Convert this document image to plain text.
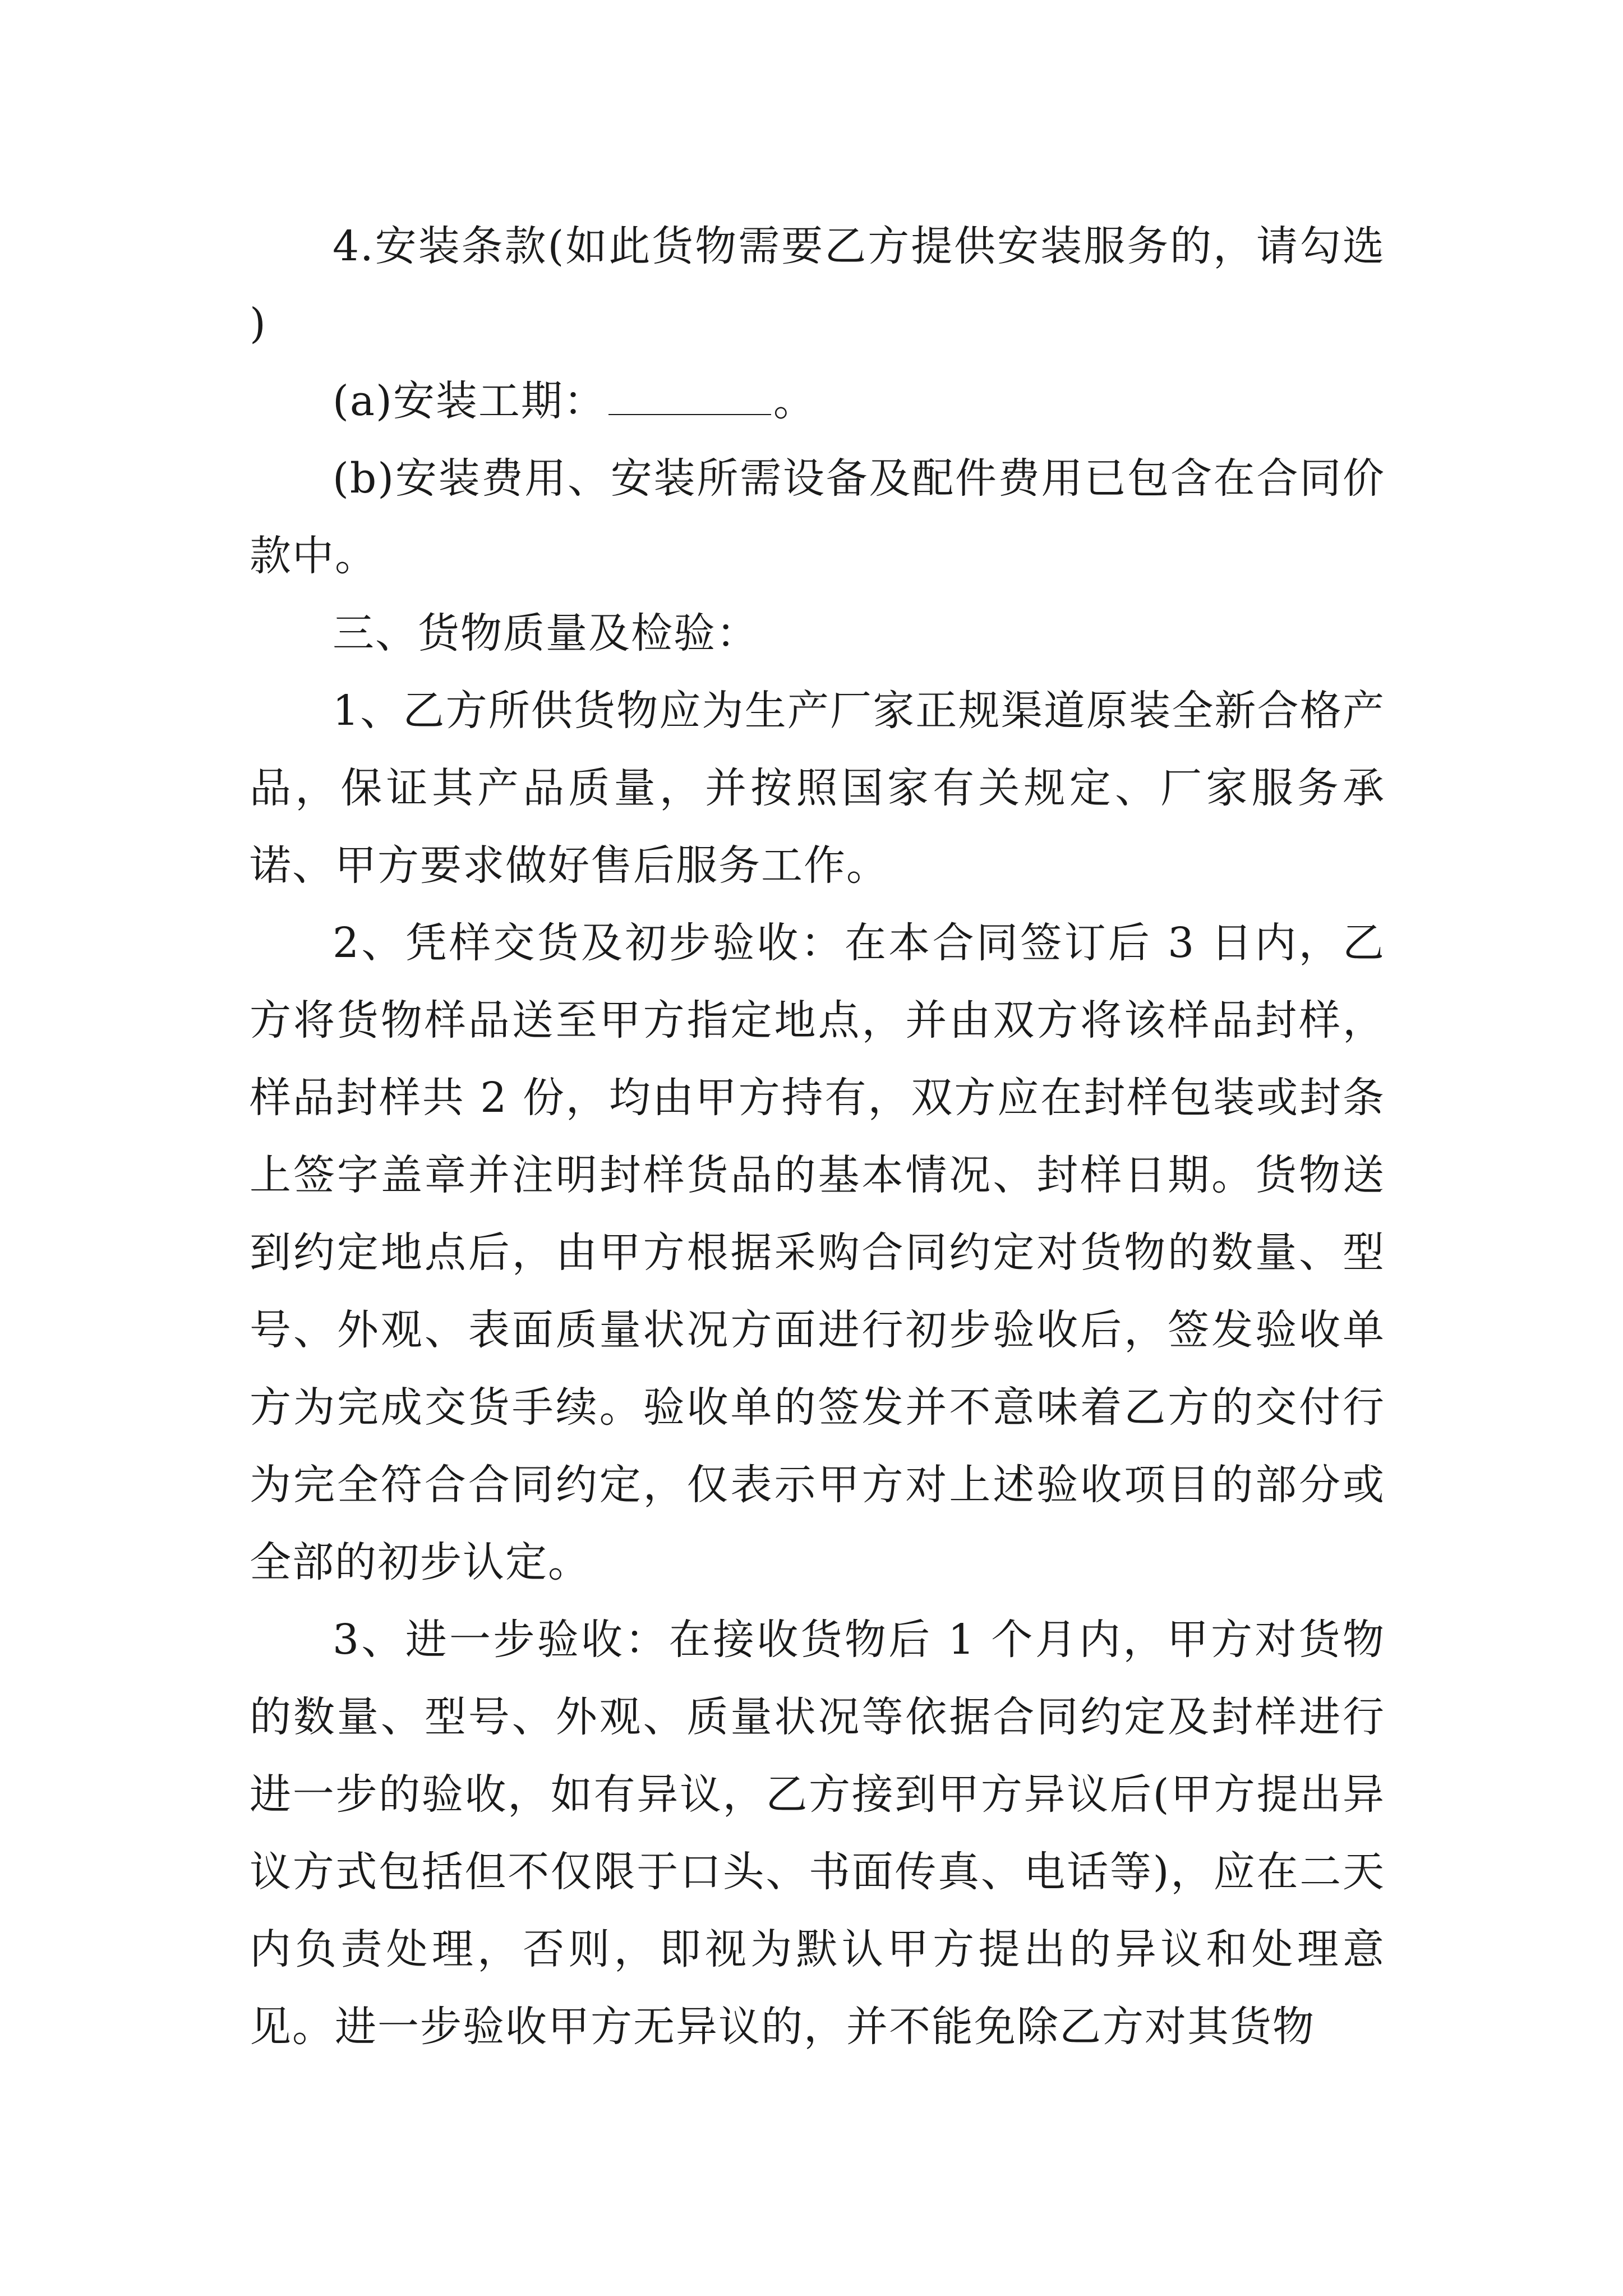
4.安装条款(如此货物需要乙方提供安装服务的，请勾选 )

(a)安装工期：	。

(b)安装费用、安装所需设备及配件费用已包含在合同价款中。

三、货物质量及检验：

1、乙方所供货物应为生产厂家正规渠道原装全新合格产品，保证其产品质量，并按照国家有关规定、厂家服务承诺、甲方要求做好售后服务工作。

2、凭样交货及初步验收：在本合同签订后 3 日内，乙方将货物样品送至甲方指定地点，并由双方将该样品封样，样品封样共 2 份，均由甲方持有，双方应在封样包装或封条上签字盖章并注明封样货品的基本情况、封样日期。货物送到约定地点后，由甲方根据采购合同约定对货物的数量、型号、外观、表面质量状况方面进行初步验收后，签发验收单方为完成交货手续。验收单的签发并不意味着乙方的交付行为完全符合合同约定，仅表示甲方对上述验收项目的部分或全部的初步认定。

3、进一步验收：在接收货物后 1 个月内，甲方对货物的数量、型号、外观、质量状况等依据合同约定及封样进行进一步的验收，如有异议，乙方接到甲方异议后(甲方提出异议方式包括但不仅限于口头、书面传真、电话等)，应在二天内负责处理，否则，即视为默认甲方提出的异议和处理意见。进一步验收甲方无异议的，并不能免除乙方对其货物
